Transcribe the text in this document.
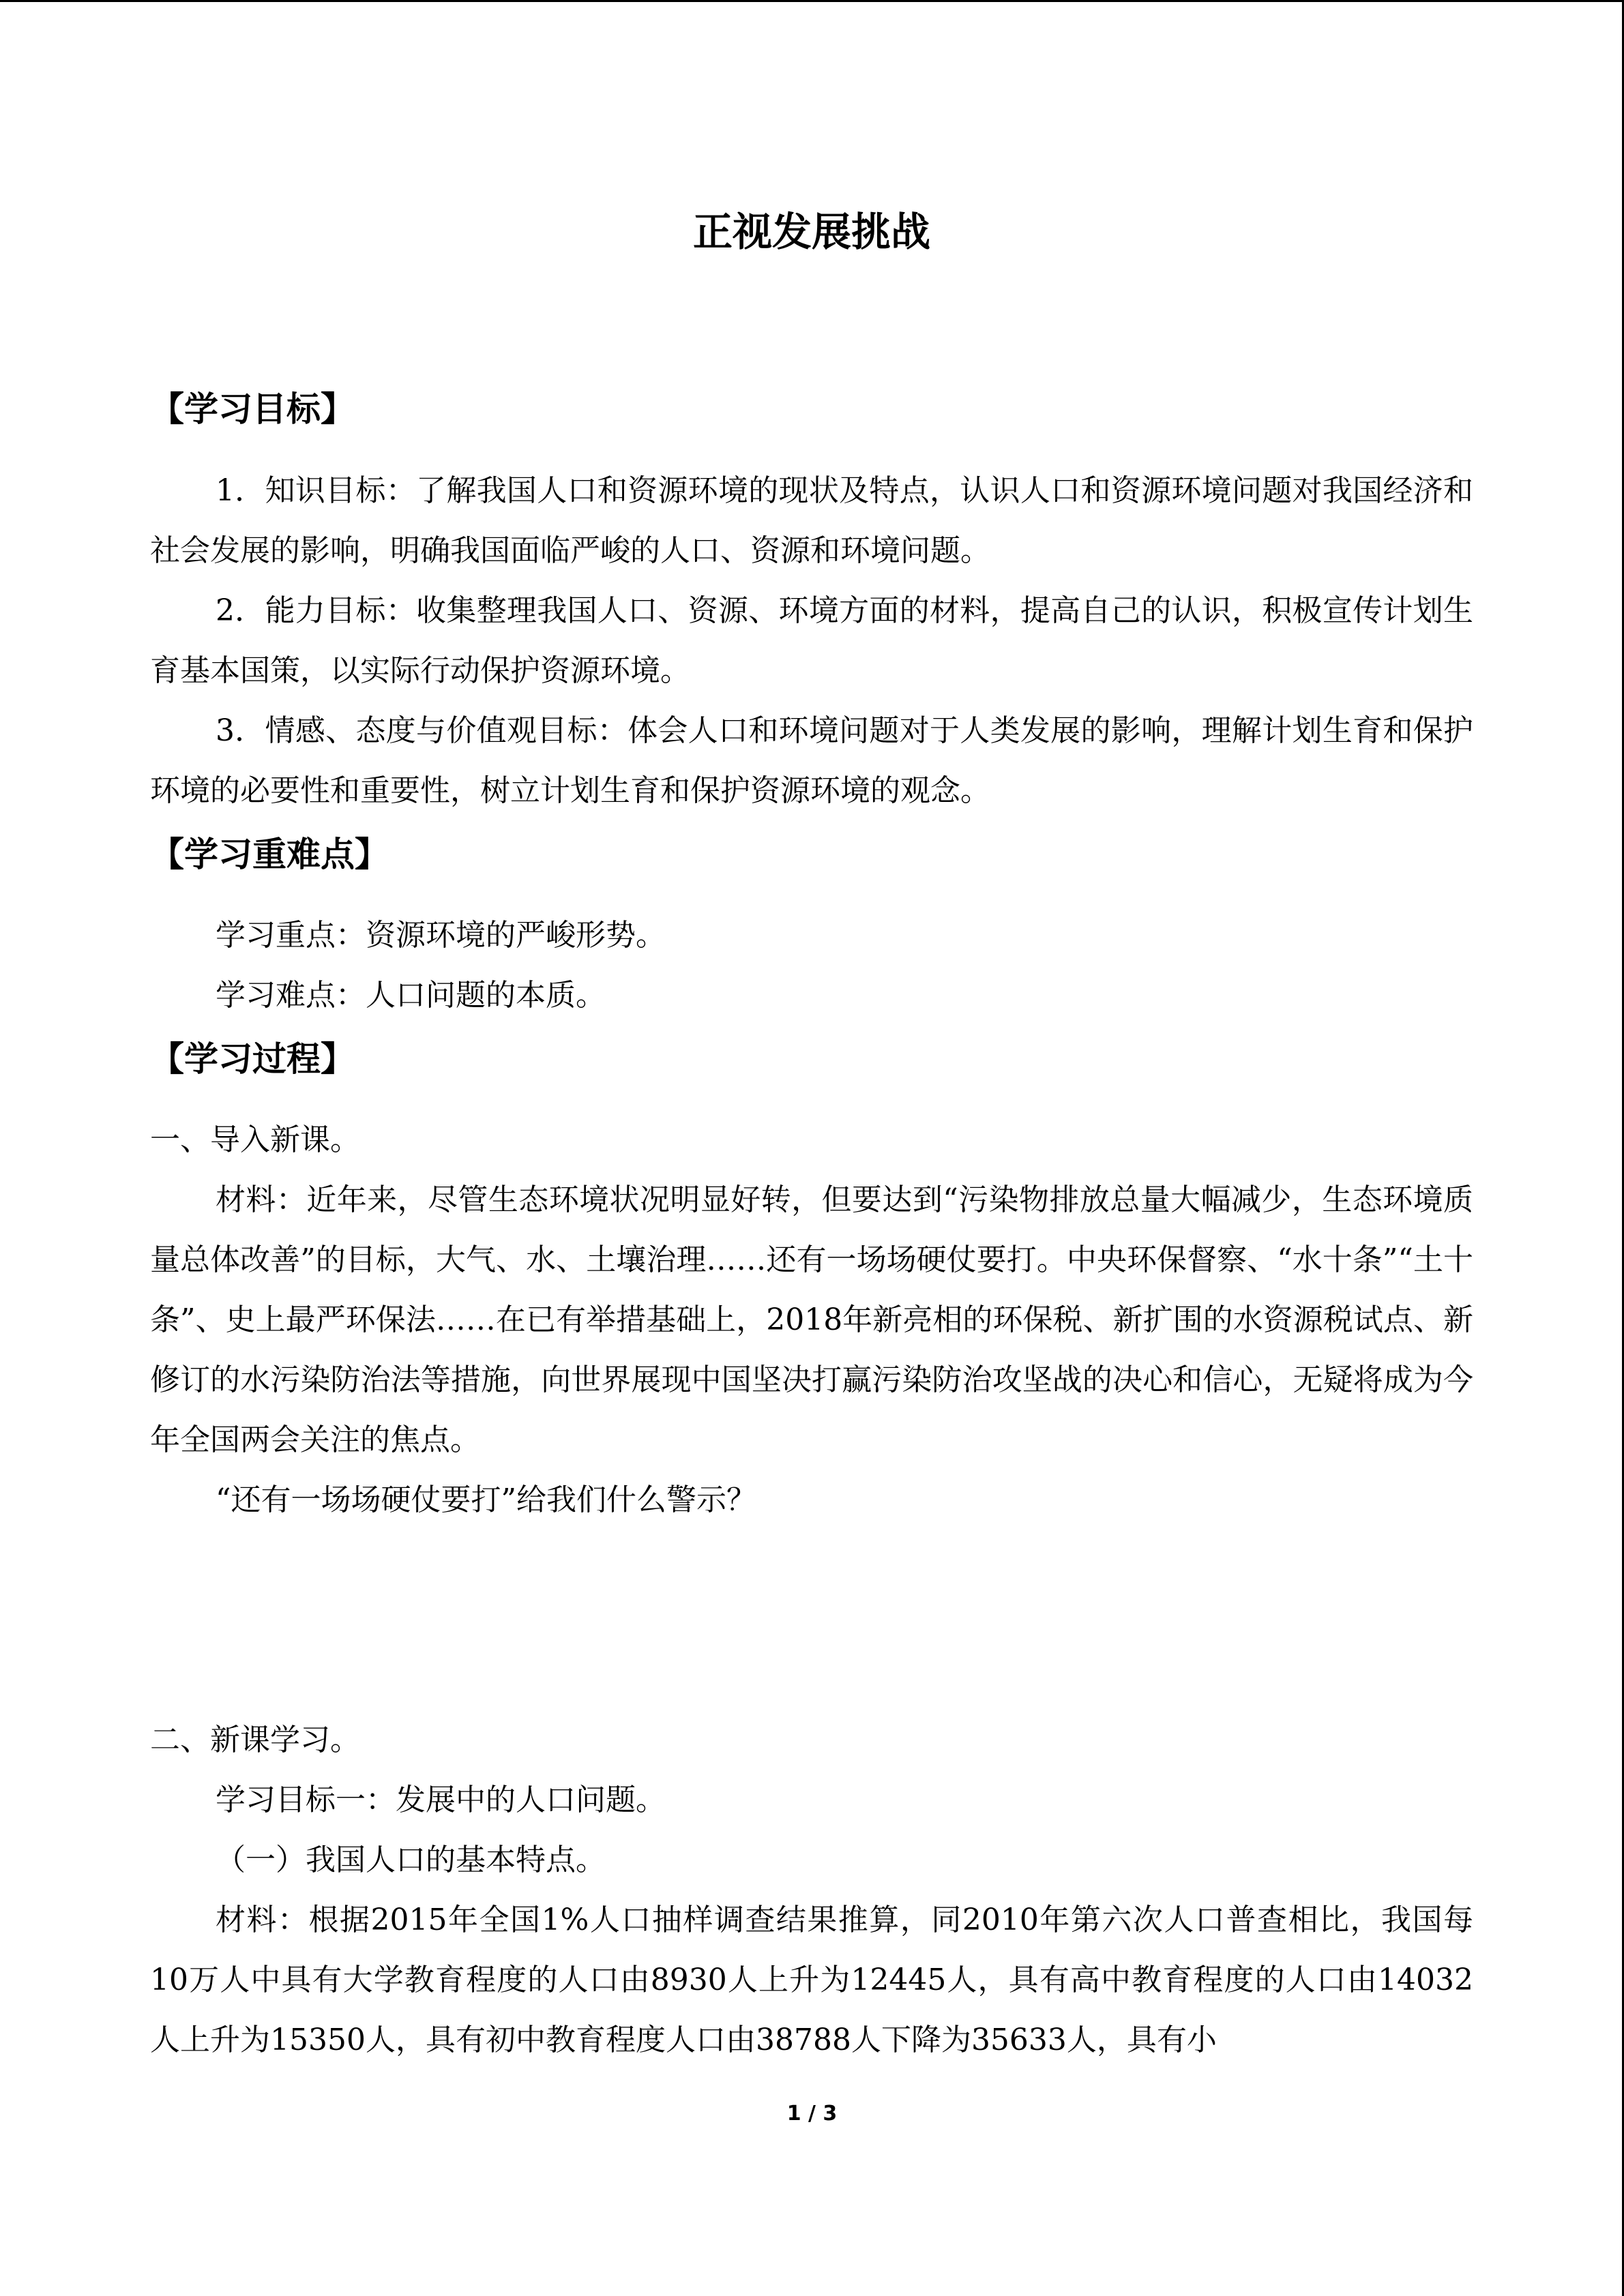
正视发展挑战
【学习目标】
1．知识目标：了解我国人口和资源环境的现状及特点，认识人口和资源环境问题对我国经济和社会发展的影响，明确我国面临严峻的人口、资源和环境问题。
2．能力目标：收集整理我国人口、资源、环境方面的材料，提高自己的认识，积极宣传计划生育基本国策，以实际行动保护资源环境。
3．情感、态度与价值观目标：体会人口和环境问题对于人类发展的影响，理解计划生育和保护环境的必要性和重要性，树立计划生育和保护资源环境的观念。
【学习重难点】
学习重点：资源环境的严峻形势。
学习难点：人口问题的本质。
【学习过程】
一、导入新课。
材料：近年来，尽管生态环境状况明显好转，但要达到“污染物排放总量大幅减少，生态环境质量总体改善”的目标，大气、水、土壤治理……还有一场场硬仗要打。中央环保督察、“水十条”“土十条”、史上最严环保法……在已有举措基础上，2018年新亮相的环保税、新扩围的水资源税试点、新修订的水污染防治法等措施，向世界展现中国坚决打赢污染防治攻坚战的决心和信心，无疑将成为今年全国两会关注的焦点。
“还有一场场硬仗要打”给我们什么警示？
二、新课学习。
学习目标一：发展中的人口问题。
（一）我国人口的基本特点。
材料：根据2015年全国1%人口抽样调查结果推算，同2010年第六次人口普查相比，我国每10万人中具有大学教育程度的人口由8930人上升为12445人，具有高中教育程度的人口由14032人上升为15350人，具有初中教育程度人口由38788人下降为35633人，具有小
1 / 3
